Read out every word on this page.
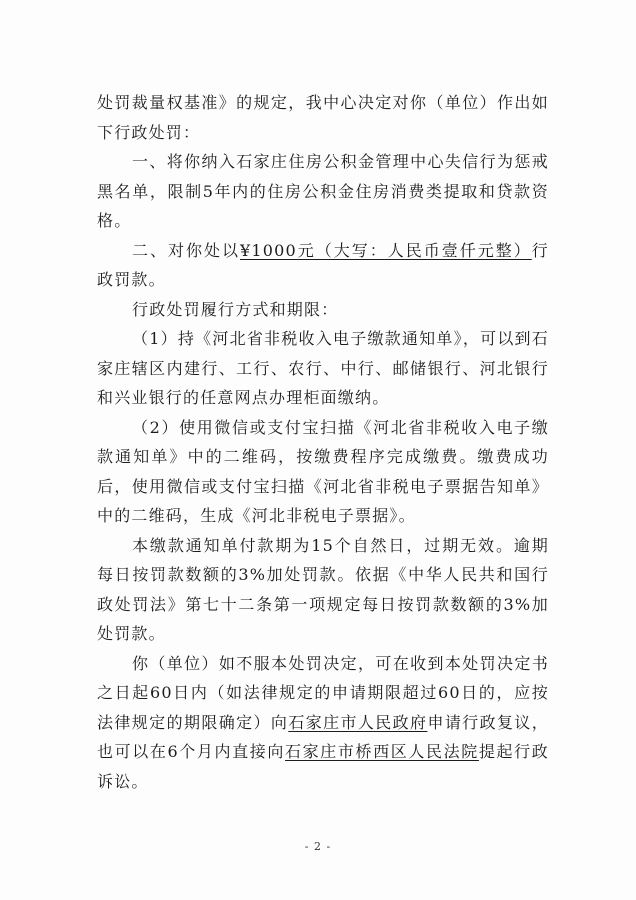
处罚裁量权基准》的规定，我中心决定对你（单位）作出如下行政处罚：

一、将你纳入石家庄住房公积金管理中心失信行为惩戒黑名单，限制5年内的住房公积金住房消费类提取和贷款资格。

二、对你处以¥1000元（大写：人民币壹仟元整）行政罚款。

行政处罚履行方式和期限：

（1）持《河北省非税收入电子缴款通知单》，可以到石家庄辖区内建行、工行、农行、中行、邮储银行、河北银行和兴业银行的任意网点办理柜面缴纳。

（2）使用微信或支付宝扫描《河北省非税收入电子缴款通知单》中的二维码，按缴费程序完成缴费。缴费成功后，使用微信或支付宝扫描《河北省非税电子票据告知单》中的二维码，生成《河北非税电子票据》。

本缴款通知单付款期为15个自然日，过期无效。逾期每日按罚款数额的3%加处罚款。依据《中华人民共和国行政处罚法》第七十二条第一项规定每日按罚款数额的3%加处罚款。

你（单位）如不服本处罚决定，可在收到本处罚决定书之日起60日内（如法律规定的申请期限超过60日的，应按法律规定的期限确定）向石家庄市人民政府申请行政复议，也可以在6个月内直接向石家庄市桥西区人民法院提起行政诉讼。

- 2 -
